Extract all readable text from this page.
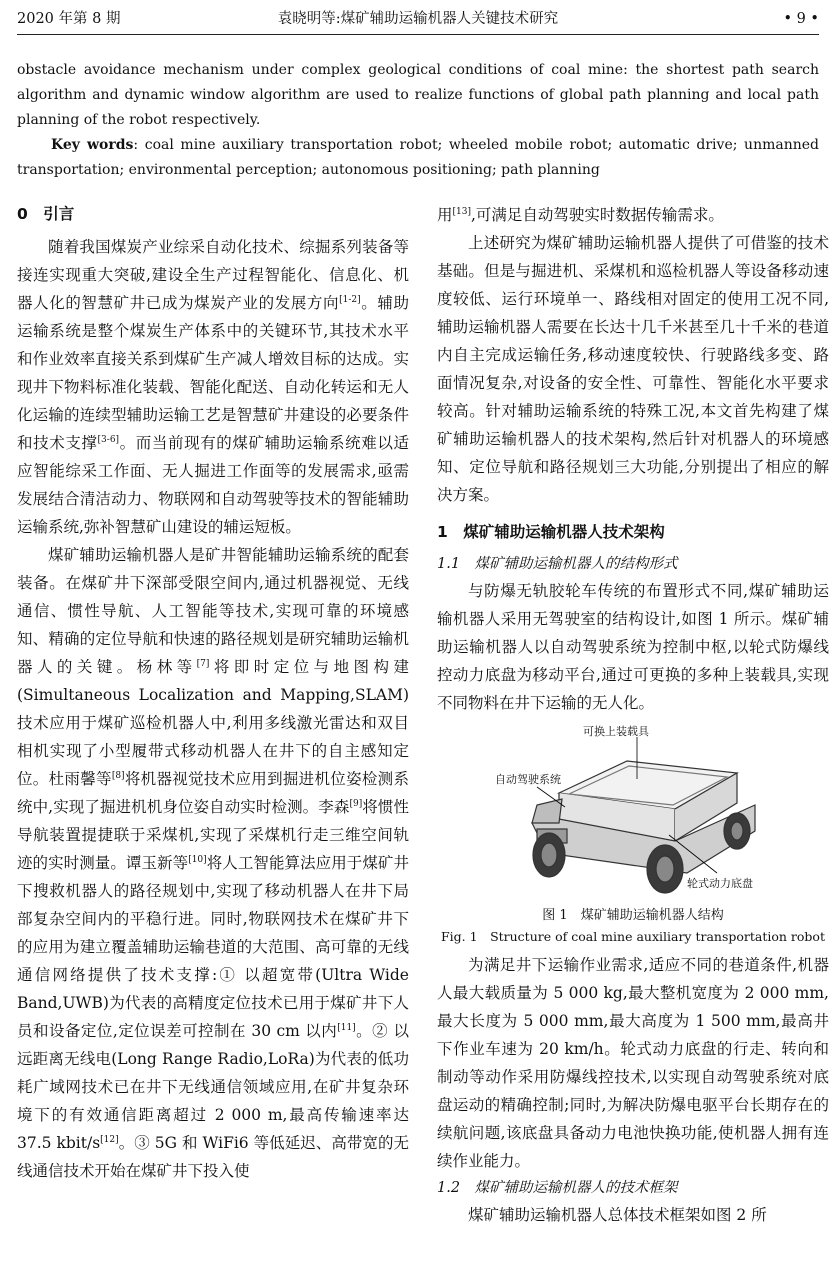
2020 年第 8 期	袁晓明等:煤矿辅助运输机器人关键技术研究	• 9 •

obstacle avoidance mechanism under complex geological conditions of coal mine: the shortest path search algorithm and dynamic window algorithm are used to realize functions of global path planning and local path planning of the robot respectively.

Key words: coal mine auxiliary transportation robot; wheeled mobile robot; automatic drive; unmanned transportation; environmental perception; autonomous positioning; path planning

0　引言

随着我国煤炭产业综采自动化技术、综掘系列装备等接连实现重大突破,建设全生产过程智能化、信息化、机器人化的智慧矿井已成为煤炭产业的发展方向[1-2]。辅助运输系统是整个煤炭生产体系中的关键环节,其技术水平和作业效率直接关系到煤矿生产减人增效目标的达成。实现井下物料标准化装载、智能化配送、自动化转运和无人化运输的连续型辅助运输工艺是智慧矿井建设的必要条件和技术支撑[3-6]。而当前现有的煤矿辅助运输系统难以适应智能综采工作面、无人掘进工作面等的发展需求,亟需发展结合清洁动力、物联网和自动驾驶等技术的智能辅助运输系统,弥补智慧矿山建设的辅运短板。

煤矿辅助运输机器人是矿井智能辅助运输系统的配套装备。在煤矿井下深部受限空间内,通过机器视觉、无线通信、惯性导航、人工智能等技术,实现可靠的环境感知、精确的定位导航和快速的路径规划是研究辅助运输机器人的关键。杨林等[7]将即时定位与地图构建(Simultaneous Localization and Mapping,SLAM)技术应用于煤矿巡检机器人中,利用多线激光雷达和双目相机实现了小型履带式移动机器人在井下的自主感知定位。杜雨馨等[8]将机器视觉技术应用到掘进机位姿检测系统中,实现了掘进机机身位姿自动实时检测。李森[9]将惯性导航装置提捷联于采煤机,实现了采煤机行走三维空间轨迹的实时测量。谭玉新等[10]将人工智能算法应用于煤矿井下搜救机器人的路径规划中,实现了移动机器人在井下局部复杂空间内的平稳行进。同时,物联网技术在煤矿井下的应用为建立覆盖辅助运输巷道的大范围、高可靠的无线通信网络提供了技术支撑:① 以超宽带(Ultra Wide Band,UWB)为代表的高精度定位技术已用于煤矿井下人员和设备定位,定位误差可控制在 30 cm 以内[11]。② 以远距离无线电(Long Range Radio,LoRa)为代表的低功耗广域网技术已在井下无线通信领域应用,在矿井复杂环境下的有效通信距离超过 2 000 m,最高传输速率达 37.5 kbit/s[12]。③ 5G 和 WiFi6 等低延迟、高带宽的无线通信技术开始在煤矿井下投入使

用[13],可满足自动驾驶实时数据传输需求。

上述研究为煤矿辅助运输机器人提供了可借鉴的技术基础。但是与掘进机、采煤机和巡检机器人等设备移动速度较低、运行环境单一、路线相对固定的使用工况不同,辅助运输机器人需要在长达十几千米甚至几十千米的巷道内自主完成运输任务,移动速度较快、行驶路线多变、路面情况复杂,对设备的安全性、可靠性、智能化水平要求较高。针对辅助运输系统的特殊工况,本文首先构建了煤矿辅助运输机器人的技术架构,然后针对机器人的环境感知、定位导航和路径规划三大功能,分别提出了相应的解决方案。

1　煤矿辅助运输机器人技术架构

1.1　煤矿辅助运输机器人的结构形式

与防爆无轨胶轮车传统的布置形式不同,煤矿辅助运输机器人采用无驾驶室的结构设计,如图 1 所示。煤矿辅助运输机器人以自动驾驶系统为控制中枢,以轮式防爆线控动力底盘为移动平台,通过可更换的多种上装载具,实现不同物料在井下运输的无人化。

可换上装载具
自动驾驶系统
轮式动力底盘

图 1　煤矿辅助运输机器人结构

Fig. 1　Structure of coal mine auxiliary transportation robot

为满足井下运输作业需求,适应不同的巷道条件,机器人最大载质量为 5 000 kg,最大整机宽度为 2 000 mm,最大长度为 5 000 mm,最大高度为 1 500 mm,最高井下作业车速为 20 km/h。轮式动力底盘的行走、转向和制动等动作采用防爆线控技术,以实现自动驾驶系统对底盘运动的精确控制;同时,为解决防爆电驱平台长期存在的续航问题,该底盘具备动力电池快换功能,使机器人拥有连续作业能力。

1.2　煤矿辅助运输机器人的技术框架

煤矿辅助运输机器人总体技术框架如图 2 所
